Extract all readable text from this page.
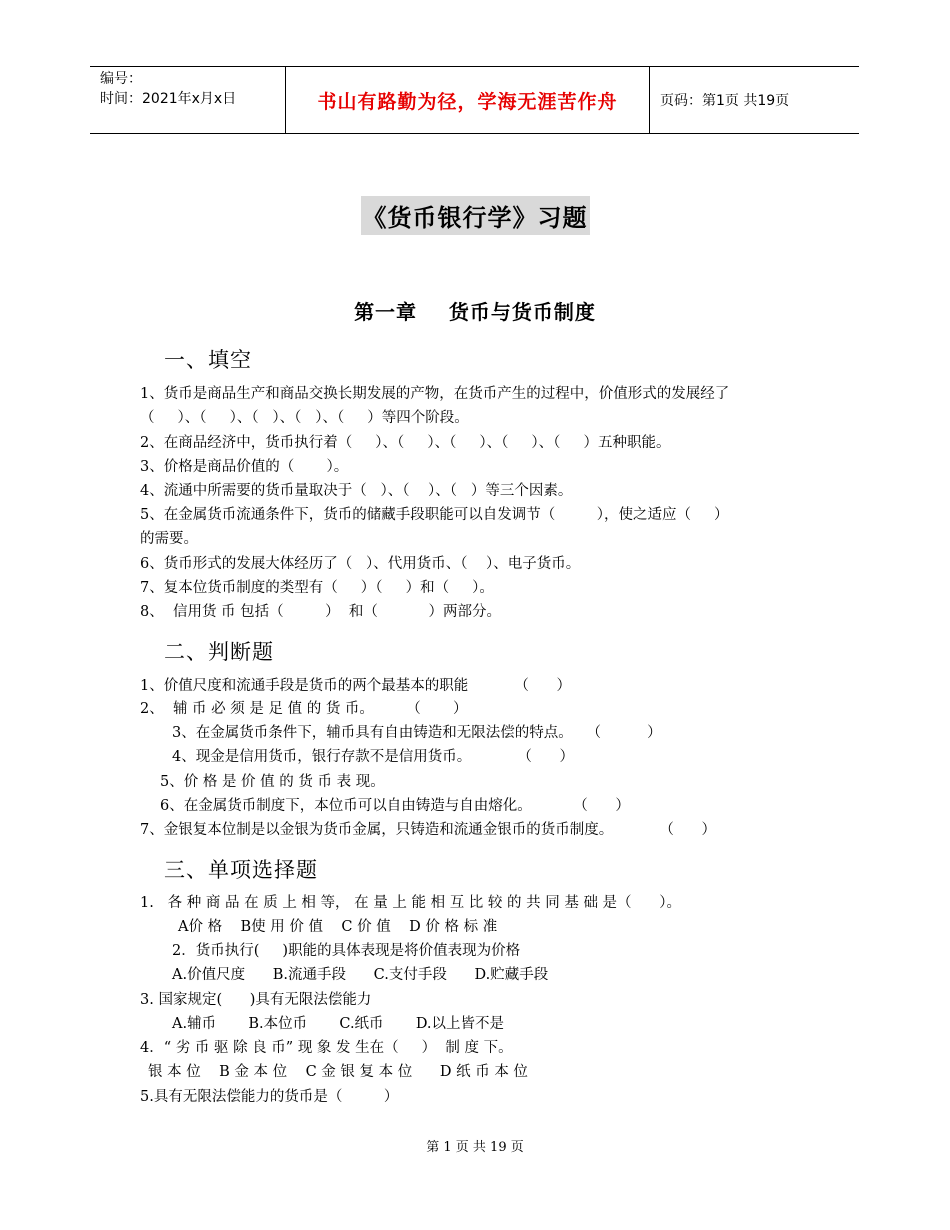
编号：
时间：2021年x月x日	书山有路勤为径，学海无涯苦作舟	页码：第1页 共19页
《货币银行学》习题
第一章    货币与货币制度
一、填空
1、货币是商品生产和商品交换长期发展的产物，在货币产生的过程中，价值形式的发展经了
（     ）、（     ）、（   ）、（   ）、（     ）等四个阶段。
2、在商品经济中，货币执行着（     ）、（     ）、（     ）、（     ）、（     ）五种职能。
3、价格是商品价值的（       ）。
4、流通中所需要的货币量取决于（   ）、（    ）、（   ）等三个因素。
5、在金属货币流通条件下，货币的储藏手段职能可以自发调节（         ），使之适应（     ）
的需要。
6、货币形式的发展大体经历了（   ）、代用货币、（    ）、电子货币。
7、复本位货币制度的类型有（     ）（     ）和（     ）。
8、  信用货 币 包括（         ）  和（           ）两部分。
二、判断题
1、价值尺度和流通手段是货币的两个最基本的职能          （      ）
2、  辅 币 必 须 是 足 值 的 货 币。       （       ）
3、在金属货币条件下，辅币具有自由铸造和无限法偿的特点。   （          ）
4、现金是信用货币，银行存款不是信用货币。          （      ）
5、价 格 是 价 值 的 货 币 表 现。
6、在金属货币制度下，本位币可以自由铸造与自由熔化。         （      ）
7、金银复本位制是以金银为货币金属，只铸造和流通金银币的货币制度。          （      ）
三、单项选择题
1.   各 种 商 品 在 质 上 相 等， 在 量 上 能 相 互 比 较 的 共 同 基 础 是（      ）。
A价 格    B使 用 价 值    C 价 值    D 价 格 标 准
2．货币执行(     )职能的具体表现是将价值表现为价格
A.价值尺度      B.流通手段      C.支付手段      D.贮藏手段
3. 国家规定(      )具有无限法偿能力
A.辅币       B.本位币       C.纸币       D.以上皆不是
4．“ 劣 币 驱 除 良 币” 现 象 发 生在（     ）  制 度 下。
银 本 位    B 金 本 位    C 金 银 复 本 位      D 纸 币 本 位
5.具有无限法偿能力的货币是（         ）
第 1 页 共 19 页
